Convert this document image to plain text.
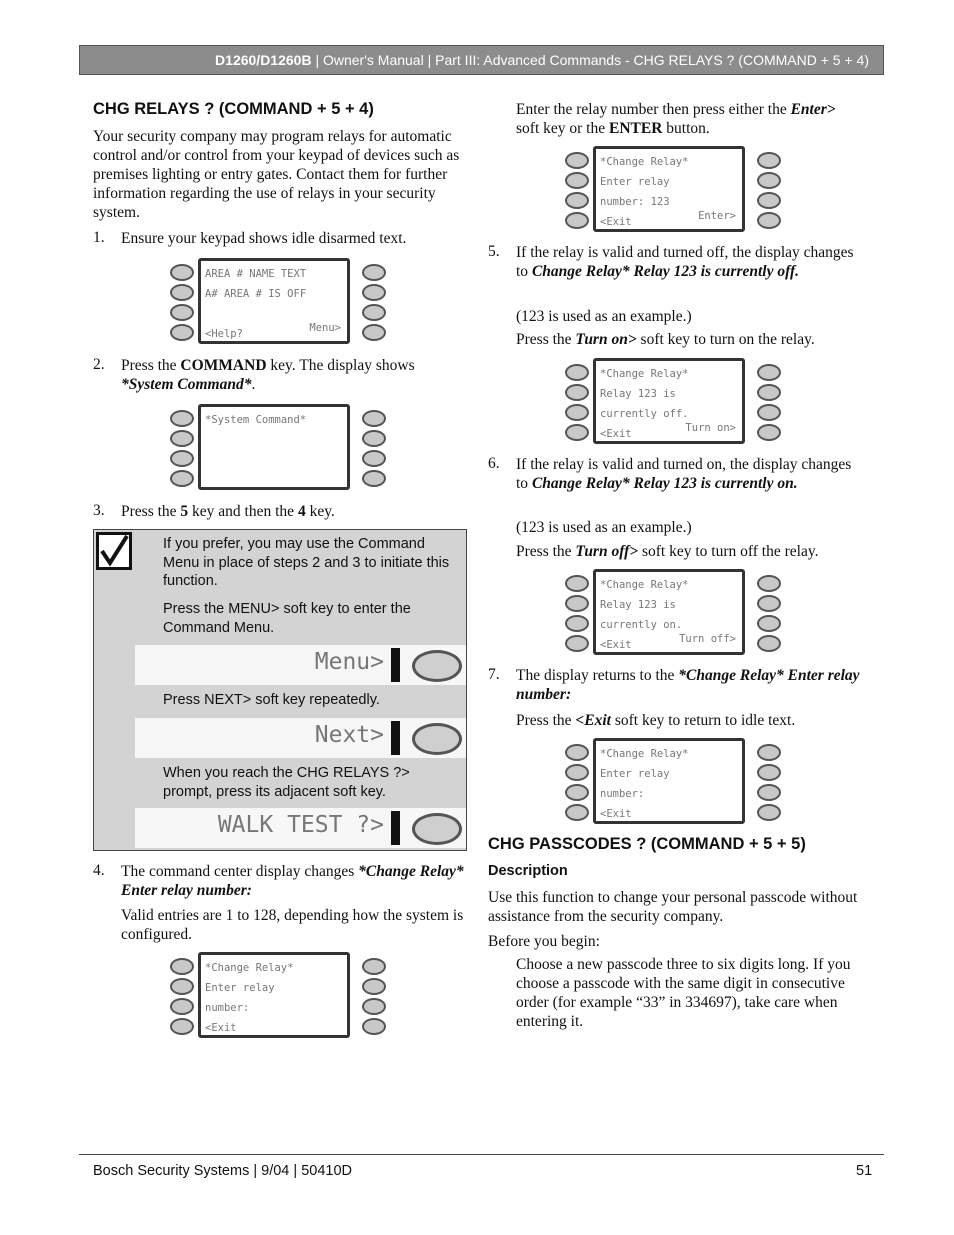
D1260/D1260B | Owner's Manual | Part III: Advanced Commands - CHG RELAYS ? (COMMAND + 5 + 4)
CHG RELAYS ? (COMMAND + 5 + 4)
Your security company may program relays for automatic control and/or control from your keypad of devices such as premises lighting or entry gates. Contact them for further information regarding the use of relays in your security system.
1. Ensure your keypad shows idle disarmed text.
AREA # NAME TEXT
A# AREA # IS OFF
<Help?	Menu>
2. Press the COMMAND key. The display shows *System Command*.
*System Command*
3. Press the 5 key and then the 4 key.
If you prefer, you may use the Command Menu in place of steps 2 and 3 to initiate this function.
Press the MENU> soft key to enter the Command Menu.
Menu>
Press NEXT> soft key repeatedly.
Next>
When you reach the CHG RELAYS ?> prompt, press its adjacent soft key.
WALK TEST ?>
4. The command center display changes *Change Relay* Enter relay number:
Valid entries are 1 to 128, depending how the system is configured.
*Change Relay*
Enter relay
number:
<Exit
Enter the relay number then press either the Enter> soft key or the ENTER button.
*Change Relay*
Enter relay
number: 123
<Exit	Enter>
5. If the relay is valid and turned off, the display changes to Change Relay* Relay 123 is currently off.
(123 is used as an example.)
Press the Turn on> soft key to turn on the relay.
*Change Relay*
Relay 123 is
currently off.
<Exit	Turn on>
6. If the relay is valid and turned on, the display changes to Change Relay* Relay 123 is currently on.
(123 is used as an example.)
Press the Turn off> soft key to turn off the relay.
*Change Relay*
Relay 123 is
currently on.
<Exit	Turn off>
7. The display returns to the *Change Relay* Enter relay number:
Press the <Exit soft key to return to idle text.
*Change Relay*
Enter relay
number:
<Exit
CHG PASSCODES ? (COMMAND + 5 + 5)
Description
Use this function to change your personal passcode without assistance from the security company.
Before you begin:
Choose a new passcode three to six digits long. If you choose a passcode with the same digit in consecutive order (for example “33” in 334697), take care when entering it.
Bosch Security Systems | 9/04 | 50410D	51
